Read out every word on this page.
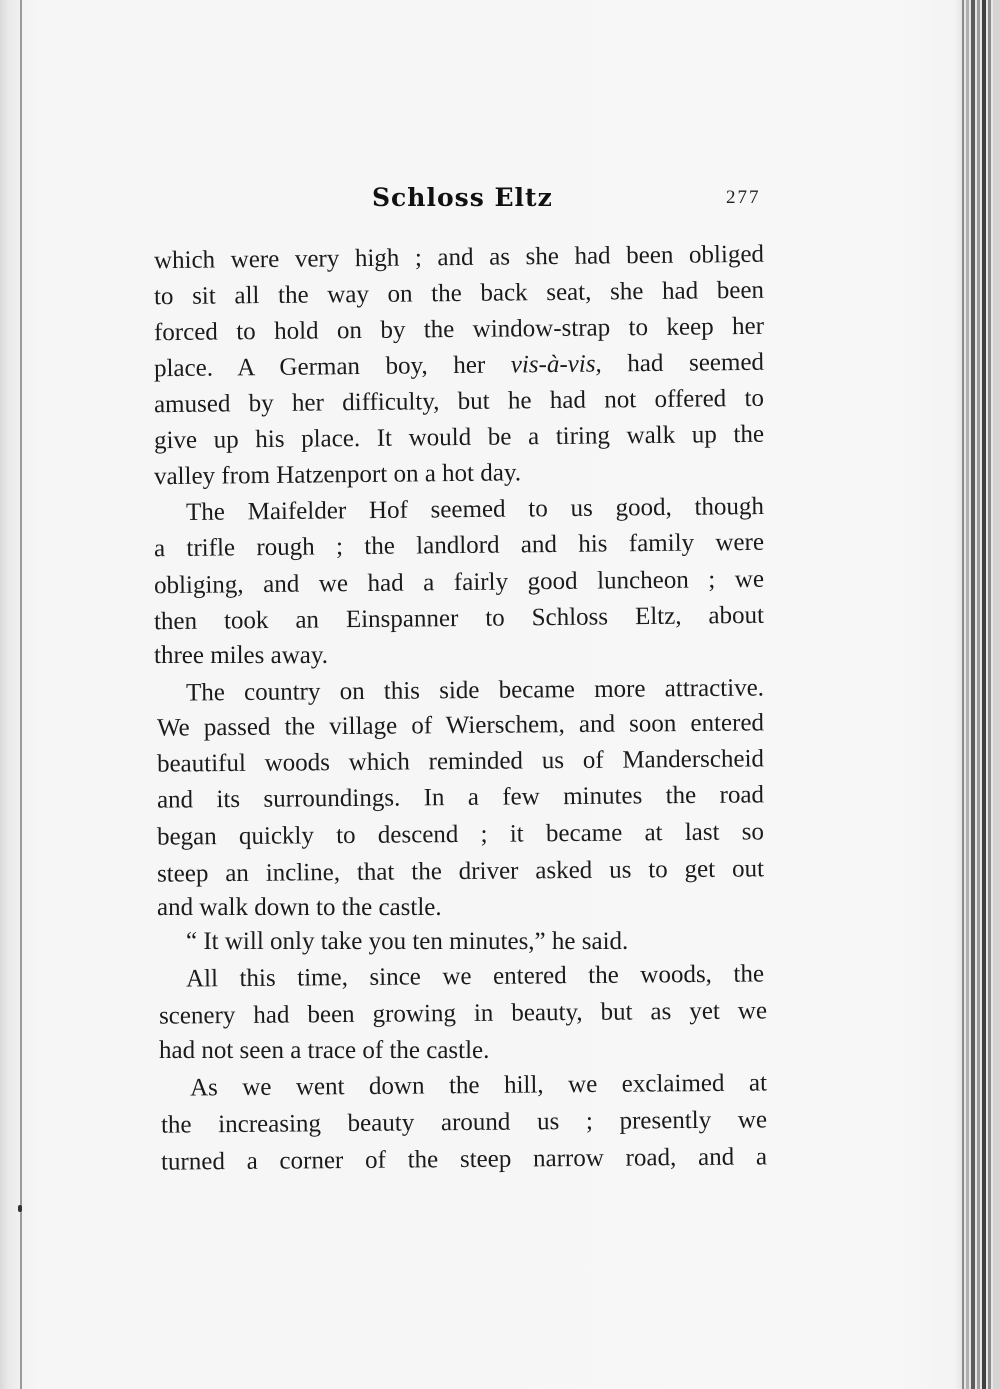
Schloss Eltz	277
which were very high ; and as she had been obliged
to sit all the way on the back seat, she had been
forced to hold on by the window-strap to keep her
place. A German boy, her vis-à-vis, had seemed
amused by her difficulty, but he had not offered to
give up his place. It would be a tiring walk up the
valley from Hatzenport on a hot day.
The Maifelder Hof seemed to us good, though
a trifle rough ; the landlord and his family were
obliging, and we had a fairly good luncheon ; we
then took an Einspanner to Schloss Eltz, about
three miles away.
The country on this side became more attractive.
We passed the village of Wierschem, and soon entered
beautiful woods which reminded us of Manderscheid
and its surroundings. In a few minutes the road
began quickly to descend ; it became at last so
steep an incline, that the driver asked us to get out
and walk down to the castle.
“ It will only take you ten minutes,” he said.
All this time, since we entered the woods, the
scenery had been growing in beauty, but as yet we
had not seen a trace of the castle.
As we went down the hill, we exclaimed at
the increasing beauty around us ; presently we
turned a corner of the steep narrow road, and a
